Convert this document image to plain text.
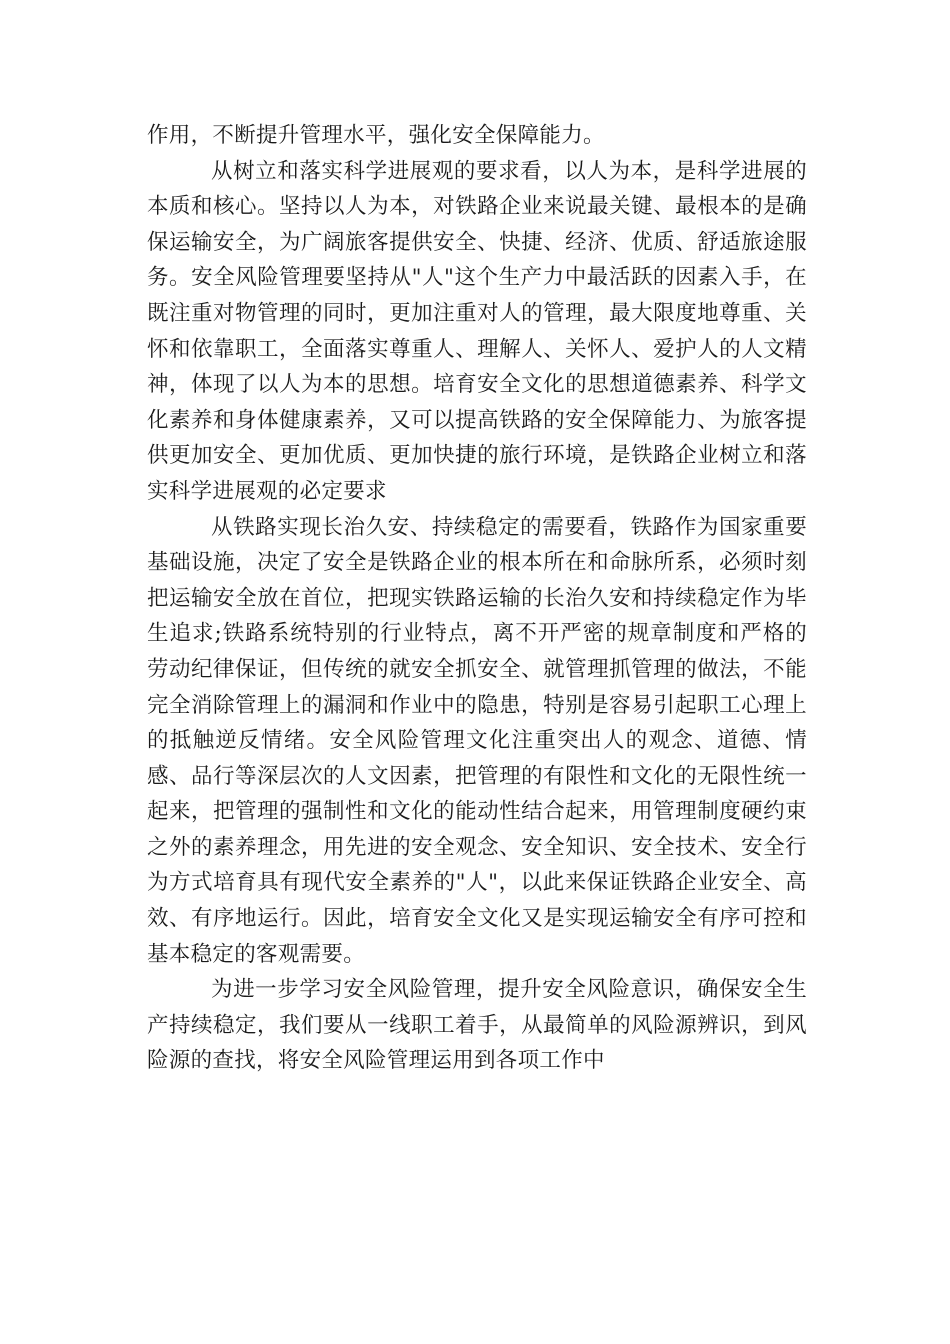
作用，不断提升管理水平，强化安全保障能力。

从树立和落实科学进展观的要求看，以人为本，是科学进展的本质和核心。坚持以人为本，对铁路企业来说最关键、最根本的是确保运输安全，为广阔旅客提供安全、快捷、经济、优质、舒适旅途服务。安全风险管理要坚持从"人"这个生产力中最活跃的因素入手，在既注重对物管理的同时，更加注重对人的管理，最大限度地尊重、关怀和依靠职工，全面落实尊重人、理解人、关怀人、爱护人的人文精神，体现了以人为本的思想。培育安全文化的思想道德素养、科学文化素养和身体健康素养，又可以提高铁路的安全保障能力、为旅客提供更加安全、更加优质、更加快捷的旅行环境，是铁路企业树立和落实科学进展观的必定要求

从铁路实现长治久安、持续稳定的需要看，铁路作为国家重要基础设施，决定了安全是铁路企业的根本所在和命脉所系，必须时刻把运输安全放在首位，把现实铁路运输的长治久安和持续稳定作为毕生追求;铁路系统特别的行业特点，离不开严密的规章制度和严格的劳动纪律保证，但传统的就安全抓安全、就管理抓管理的做法，不能完全消除管理上的漏洞和作业中的隐患，特别是容易引起职工心理上的抵触逆反情绪。安全风险管理文化注重突出人的观念、道德、情感、品行等深层次的人文因素，把管理的有限性和文化的无限性统一起来，把管理的强制性和文化的能动性结合起来，用管理制度硬约束之外的素养理念，用先进的安全观念、安全知识、安全技术、安全行为方式培育具有现代安全素养的"人"，以此来保证铁路企业安全、高效、有序地运行。因此，培育安全文化又是实现运输安全有序可控和基本稳定的客观需要。

为进一步学习安全风险管理，提升安全风险意识，确保安全生产持续稳定，我们要从一线职工着手，从最简单的风险源辨识，到风险源的查找，将安全风险管理运用到各项工作中
